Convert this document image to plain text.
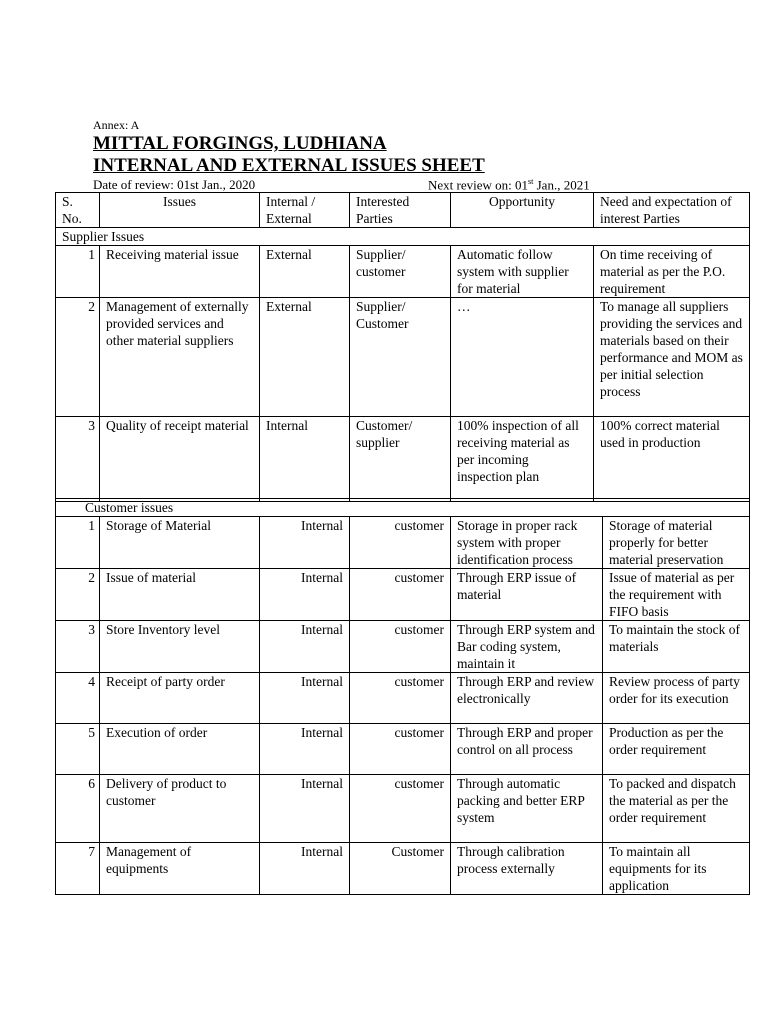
Annex: A
MITTAL FORGINGS, LUDHIANA
INTERNAL AND EXTERNAL ISSUES SHEET
Date of review: 01st Jan., 2020	Next review on: 01st Jan., 2021
S. No.	Issues	Internal / External	Interested Parties	Opportunity	Need and expectation of interest Parties
Supplier Issues					
1	Receiving material issue	External	Supplier/ customer	Automatic follow system with supplier for material	On time receiving of material as per the P.O. requirement
2	Management of externally provided services and other material suppliers	External	Supplier/ Customer	…	To manage all suppliers providing the services and materials based on their performance and MOM as per initial selection process
3	Quality of receipt material	Internal	Customer/ supplier	100% inspection of all receiving material as per incoming inspection plan	100% correct material used in production
Customer issues					
1	Storage of Material	Internal	customer	Storage in proper rack system with proper identification process	Storage of material properly for better material preservation
2	Issue of material	Internal	customer	Through ERP issue of material	Issue of material as per the requirement with FIFO basis
3	Store Inventory level	Internal	customer	Through ERP system and Bar coding system, maintain it	To maintain the stock of materials
4	Receipt of party order	Internal	customer	Through ERP and review electronically	Review process of party order for its execution
5	Execution of order	Internal	customer	Through ERP and proper control on all process	Production as per the order requirement
6	Delivery of product to customer	Internal	customer	Through automatic packing and better ERP system	To packed and dispatch the material as per the order requirement
7	Management of equipments	Internal	Customer	Through calibration process externally	To maintain all equipments for its application
